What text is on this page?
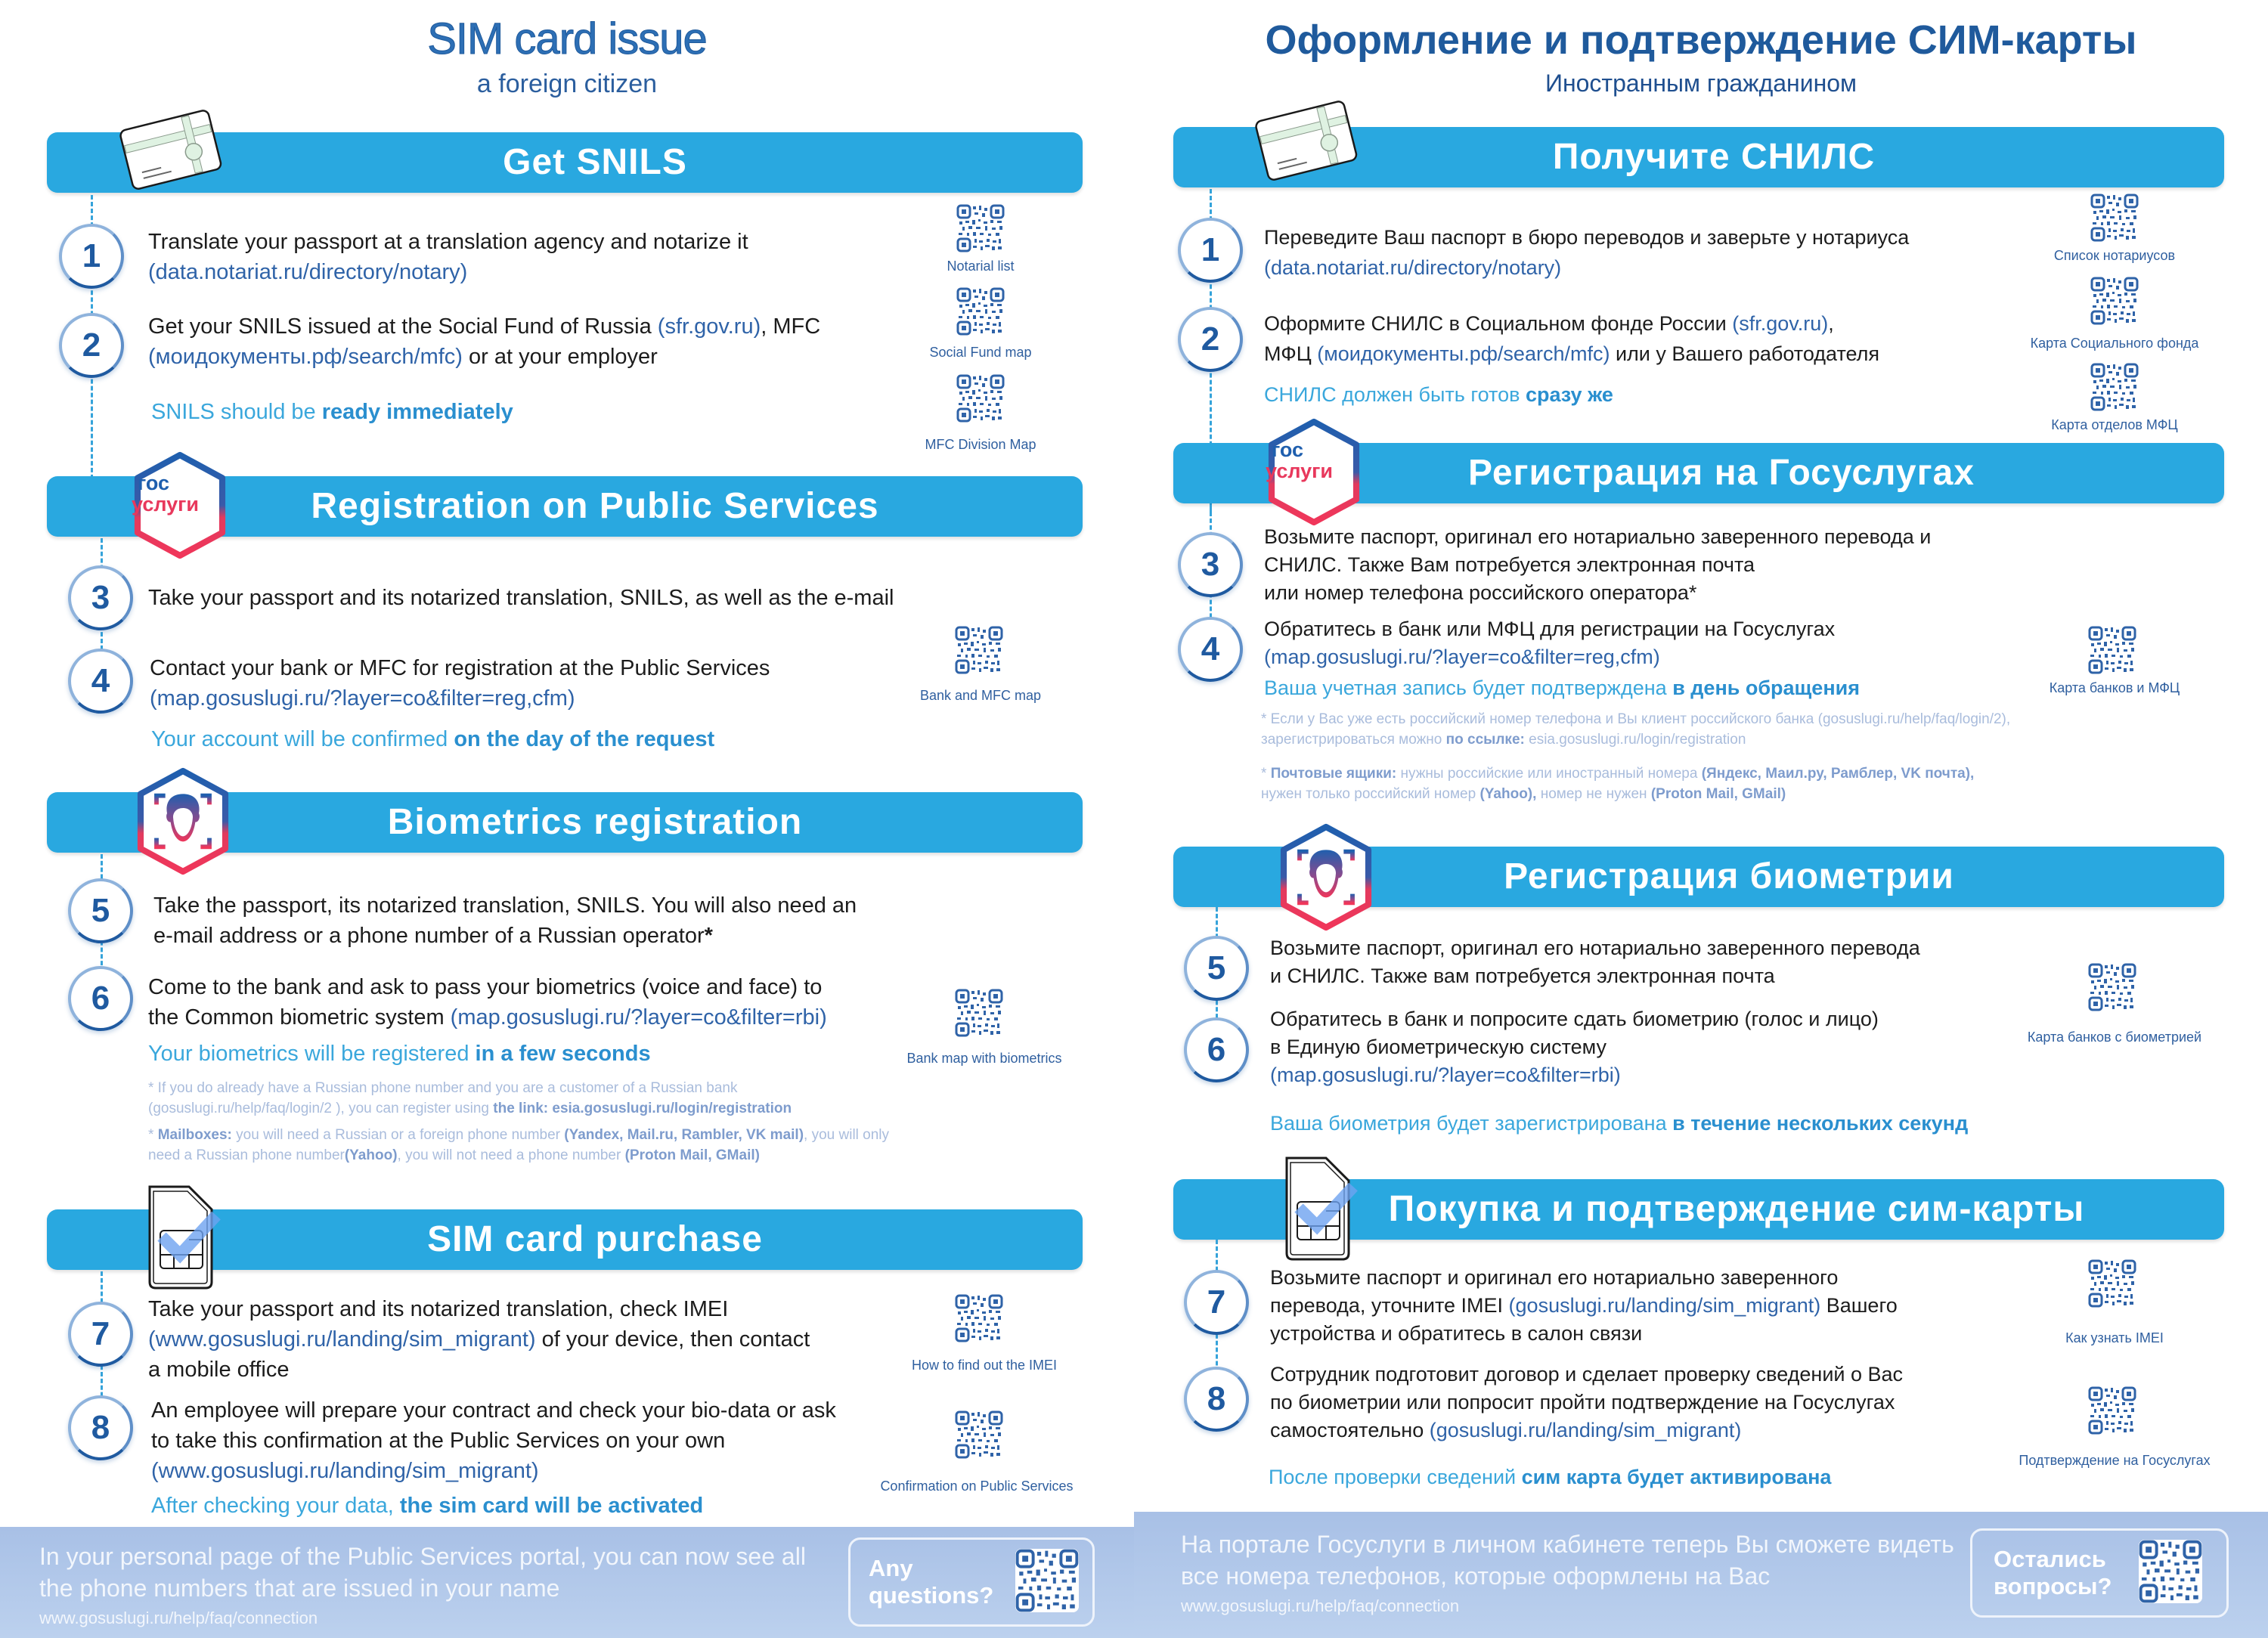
SIM card issue
a foreign citizen
Get SNILS
1	Translate your passport at a translation agency and notarize it
(data.notariat.ru/directory/notary)
2	Get your SNILS issued at the Social Fund of Russia (sfr.gov.ru), MFC
(моидокументы.рф/search/mfc) or at your employer
SNILS should be ready immediately
Notarial list
Social Fund map
MFC Division Map
Registration on Public Services
гос
услуги
3	Take your passport and its notarized translation, SNILS, as well as the e-mail
4	Contact your bank or MFC for registration at the Public Services
(map.gosuslugi.ru/?layer=co&filter=reg,cfm)
Your account will be confirmed on the day of the request
Bank and MFC map
Biometrics registration
5	Take the passport, its notarized translation, SNILS. You will also need an
e-mail address or a phone number of a Russian operator*
6	Come to the bank and ask to pass your biometrics (voice and face) to
the Common biometric system (map.gosuslugi.ru/?layer=co&filter=rbi)
Your biometrics will be registered in a few seconds
* If you do already have a Russian phone number and you are a customer of a Russian bank
(gosuslugi.ru/help/faq/login/2 ), you can register using the link: esia.gosuslugi.ru/login/registration
* Mailboxes: you will need a Russian or a foreign phone number (Yandex, Mail.ru, Rambler, VK mail), you will only
need a Russian phone number(Yahoo), you will not need a phone number (Proton Mail, GMail)
Bank map with biometrics
SIM card purchase
7
Take your passport and its notarized translation, check IMEI
(www.gosuslugi.ru/landing/sim_migrant) of your device, then contact
a mobile office
8	An employee will prepare your contract and check your bio-data or ask
to take this confirmation at the Public Services on your own
(www.gosuslugi.ru/landing/sim_migrant)
After checking your data, the sim card will be activated
How to find out the IMEI
Confirmation on Public Services
In your personal page of the Public Services portal, you can now see all
the phone numbers that are issued in your name
www.gosuslugi.ru/help/faq/connection
Any
questions?
Оформление и подтверждение СИМ-карты
Иностранным гражданином
Получите СНИЛС
1	Переведите Ваш паспорт в бюро переводов и заверьте у нотариуса
(data.notariat.ru/directory/notary)
2	Оформите СНИЛС в Социальном фонде России (sfr.gov.ru),
МФЦ (моидокументы.рф/search/mfc) или у Вашего работодателя
СНИЛС должен быть готов сразу же
Список нотариусов
Карта Социального фонда
Карта отделов МФЦ
Регистрация на Госуслугах
гос
услуги
3
Возьмите паспорт, оригинал его нотариально заверенного перевода и
СНИЛС. Также Вам потребуется электронная почта
или номер телефона российского оператора*
4
Обратитесь в банк или МФЦ для регистрации на Госуслугах
(map.gosuslugi.ru/?layer=co&filter=reg,cfm)
Ваша учетная запись будет подтверждена в день обращения
* Если у Вас уже есть российский номер телефона и Вы клиент российского банка (gosuslugi.ru/help/faq/login/2),
зарегистрироваться можно по ссылке: esia.gosuslugi.ru/login/registration
* Почтовые ящики: нужны российские или иностранный номера (Яндекс, Маил.ру, Рамблер, VK почта),
нужен только российский номер (Yahoo), номер не нужен (Proton Mail, GMail)
Карта банков и МФЦ
Регистрация биометрии
5
Возьмите паспорт, оригинал его нотариально заверенного перевода
и СНИЛС. Также вам потребуется электронная почта
6
Обратитесь в банк и попросите сдать биометрию (голос и лицо)
в Единую биометрическую систему
(map.gosuslugi.ru/?layer=co&filter=rbi)
Ваша биометрия будет зарегистрирована в течение нескольких секунд
Карта банков с биометрией
Покупка и подтверждение сим-карты
7
Возьмите паспорт и оригинал его нотариально заверенного
перевода, уточните IMEI (gosuslugi.ru/landing/sim_migrant) Вашего
устройства и обратитесь в салон связи
8
Сотрудник подготовит договор и сделает проверку сведений о Вас
по биометрии или попросит пройти подтверждение на Госуслугах
самостоятельно (gosuslugi.ru/landing/sim_migrant)
После проверки сведений сим карта будет активирована
Как узнать IMEI
Подтверждение на Госуслугах
На портале Госуслуги в личном кабинете теперь Вы сможете видеть
все номера телефонов, которые оформлены на Вас
www.gosuslugi.ru/help/faq/connection
Остались
вопросы?
